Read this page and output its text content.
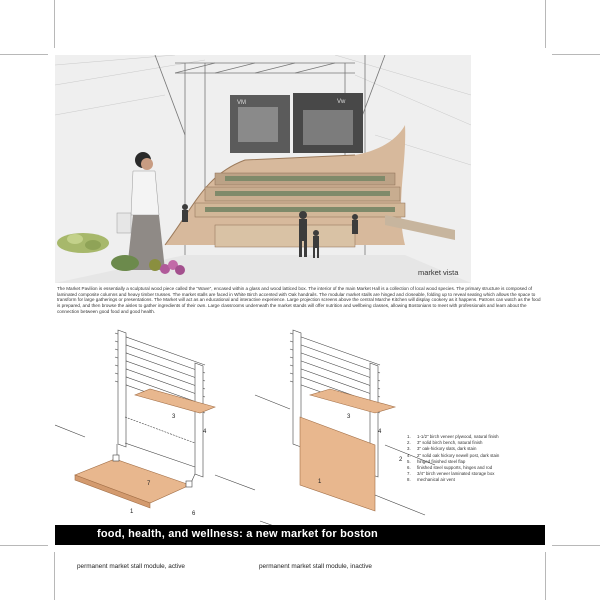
VM	Vw
market vista

The Market Pavilion is essentially a sculptural wood piece called the "Wave", encased within a glass and wood latticed box. The interior of the main Market Hall is a collection of local wood species. The primary structure is composed of laminated composite columns and heavy timber trusses. The market stalls are faced in White Birch accented with Oak handrails. The modular market stalls are hinged and closeable, folding up to reveal seating which allows the space to transform for large gatherings or presentations. The Market will act as an educational and interactive experience. Large projection screens above the central Marche Kitchen will display cookery as it happens. Patrons can watch as the food is prepared, and then browse the aisles to gather ingredients of their own. Large classrooms underneath the market stands will offer nutrition and wellbeing classes, allowing Bostonians to meet with professionals and learn about the connection between good food and good health.

3
4
7
1	6
3
4
2
1
permanent market stall module, active	permanent market stall module, inactive
1. 1-1/2" birch veneer plywood, natural finish
2. 3" solid birch bench, natural finish
3. 3" oak-hickory slats, dark stain
4. 2" solid oak hickory newell post, dark stain
5. hinged finished steel flap
6. finished steel supports, hinges and rod
7. 3/4" birch veneer laminated storage box
8. mechanical air vent
food, health, and wellness: a new market for boston
